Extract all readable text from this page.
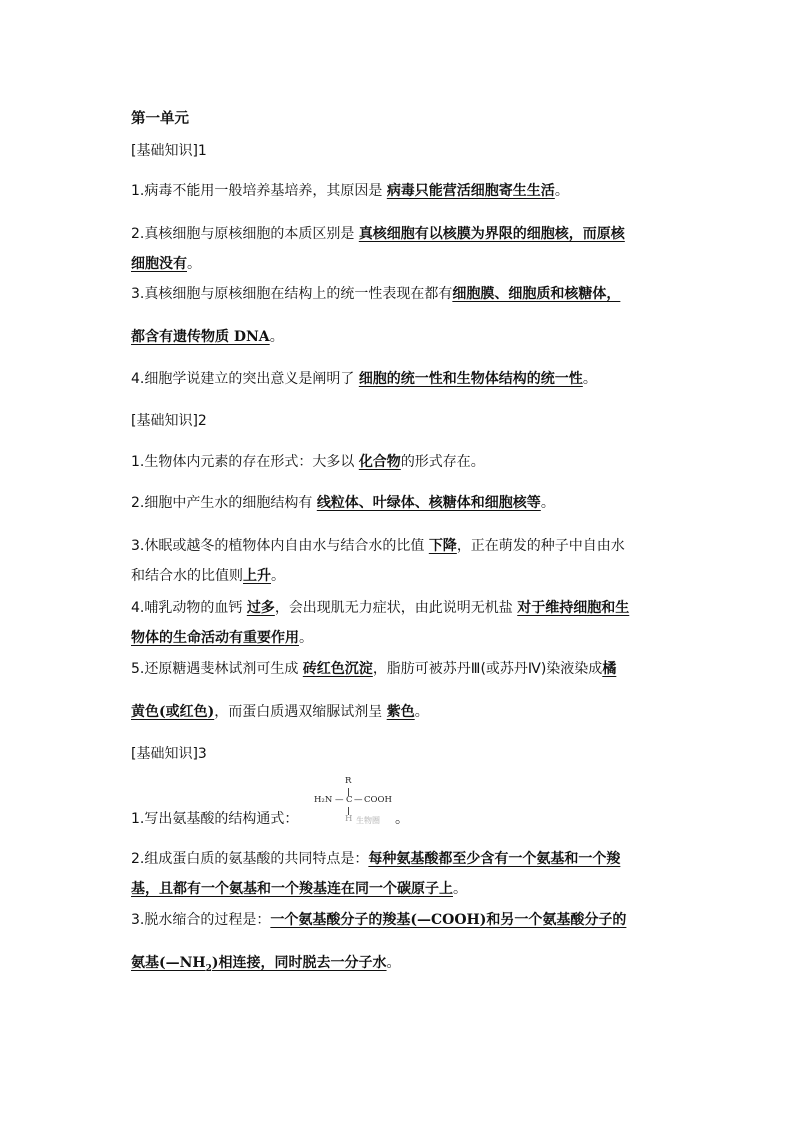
第一单元
[基础知识]1
1.病毒不能用一般培养基培养，其原因是 病毒只能营活细胞寄生生活。
2.真核细胞与原核细胞的本质区别是 真核细胞有以核膜为界限的细胞核，而原核
细胞没有。
3.真核细胞与原核细胞在结构上的统一性表现在都有细胞膜、细胞质和核糖体，
都含有遗传物质 DNA。
4.细胞学说建立的突出意义是阐明了 细胞的统一性和生物体结构的统一性。
[基础知识]2
1.生物体内元素的存在形式：大多以 化合物的形式存在。
2.细胞中产生水的细胞结构有 线粒体、叶绿体、核糖体和细胞核等。
3.休眠或越冬的植物体内自由水与结合水的比值 下降，正在萌发的种子中自由水
和结合水的比值则上升。
4.哺乳动物的血钙 过多，会出现肌无力症状，由此说明无机盐 对于维持细胞和生
物体的生命活动有重要作用。
5.还原糖遇斐林试剂可生成 砖红色沉淀，脂肪可被苏丹Ⅲ(或苏丹Ⅳ)染液染成橘
黄色(或红色)，而蛋白质遇双缩脲试剂呈 紫色。
[基础知识]3
R
H₂N — C — COOH
H 生物圈
1.写出氨基酸的结构通式：	。
2.组成蛋白质的氨基酸的共同特点是：每种氨基酸都至少含有一个氨基和一个羧
基，且都有一个氨基和一个羧基连在同一个碳原子上。
3.脱水缩合的过程是：一个氨基酸分子的羧基(—COOH)和另一个氨基酸分子的
氨基$(—NH_2)$相连接，同时脱去一分子水。
